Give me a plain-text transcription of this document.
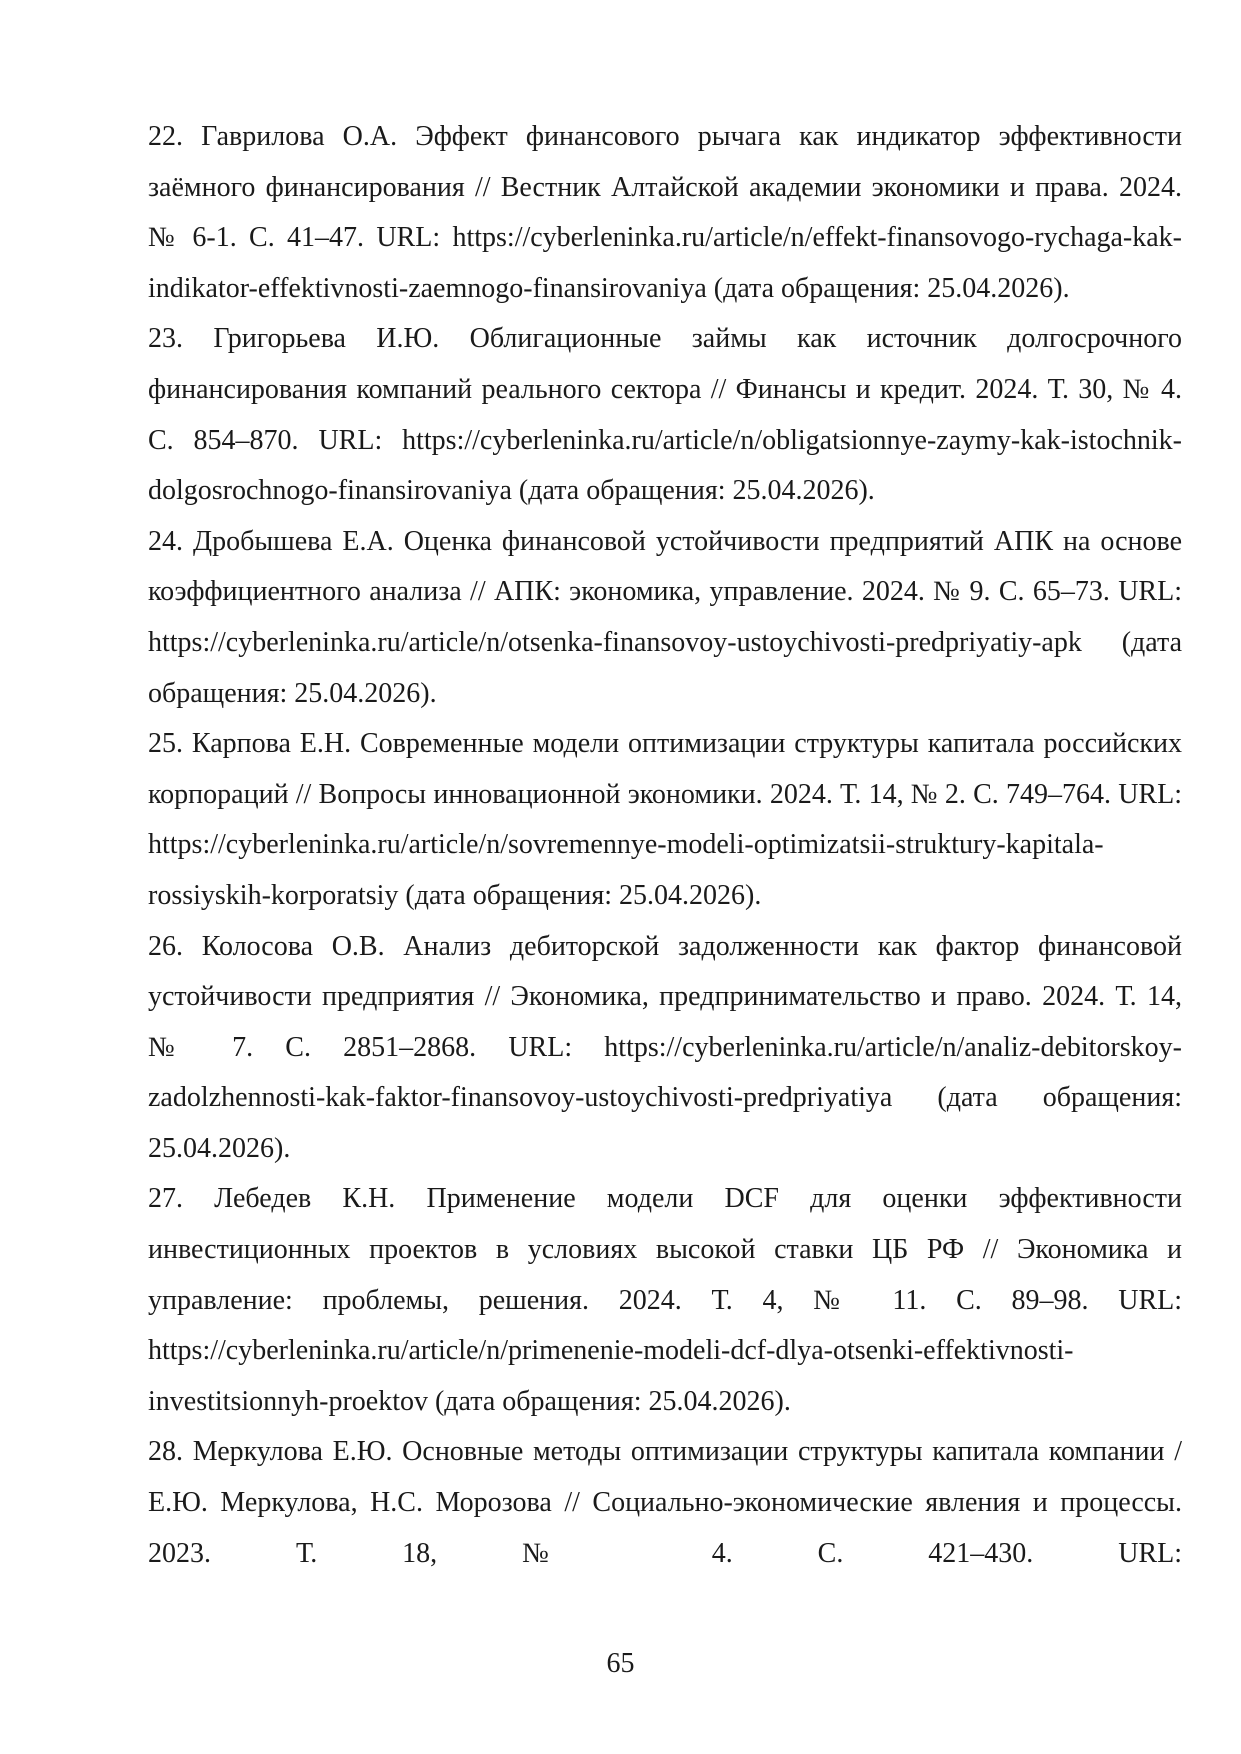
22. Гаврилова О.А. Эффект финансового рычага как индикатор эффективности заёмного финансирования // Вестник Алтайской академии экономики и права. 2024. № 6-1. С. 41–47. URL: https://cyberleninka.ru/article/n/effekt-finansovogo-rychaga-kak-indikator-effektivnosti-zaemnogo-finansirovaniya (дата обращения: 25.04.2026).

23. Григорьева И.Ю. Облигационные займы как источник долгосрочного финансирования компаний реального сектора // Финансы и кредит. 2024. Т. 30, № 4. С. 854–870. URL: https://cyberleninka.ru/article/n/obligatsionnye-zaymy-kak-istochnik-dolgosrochnogo-finansirovaniya (дата обращения: 25.04.2026).

24. Дробышева Е.А. Оценка финансовой устойчивости предприятий АПК на основе коэффициентного анализа // АПК: экономика, управление. 2024. № 9. С. 65–73. URL: https://cyberleninka.ru/article/n/otsenka-finansovoy-ustoychivosti-predpriyatiy-apk (дата обращения: 25.04.2026).

25. Карпова Е.Н. Современные модели оптимизации структуры капитала российских корпораций // Вопросы инновационной экономики. 2024. Т. 14, № 2. С. 749–764. URL: https://cyberleninka.ru/article/n/sovremennye-modeli-optimizatsii-struktury-kapitala-rossiyskih-korporatsiy (дата обращения: 25.04.2026).

26. Колосова О.В. Анализ дебиторской задолженности как фактор финансовой устойчивости предприятия // Экономика, предпринимательство и право. 2024. Т. 14, № 7. С. 2851–2868. URL: https://cyberleninka.ru/article/n/analiz-debitorskoy-zadolzhennosti-kak-faktor-finansovoy-ustoychivosti-predpriyatiya (дата обращения: 25.04.2026).

27. Лебедев К.Н. Применение модели DCF для оценки эффективности инвестиционных проектов в условиях высокой ставки ЦБ РФ // Экономика и управление: проблемы, решения. 2024. Т. 4, № 11. С. 89–98. URL: https://cyberleninka.ru/article/n/primenenie-modeli-dcf-dlya-otsenki-effektivnosti-investitsionnyh-proektov (дата обращения: 25.04.2026).

28. Меркулова Е.Ю. Основные методы оптимизации структуры капитала компании / Е.Ю. Меркулова, Н.С. Морозова // Социально-экономические явления и процессы. 2023. Т. 18, № 4. С. 421–430. URL:

65
